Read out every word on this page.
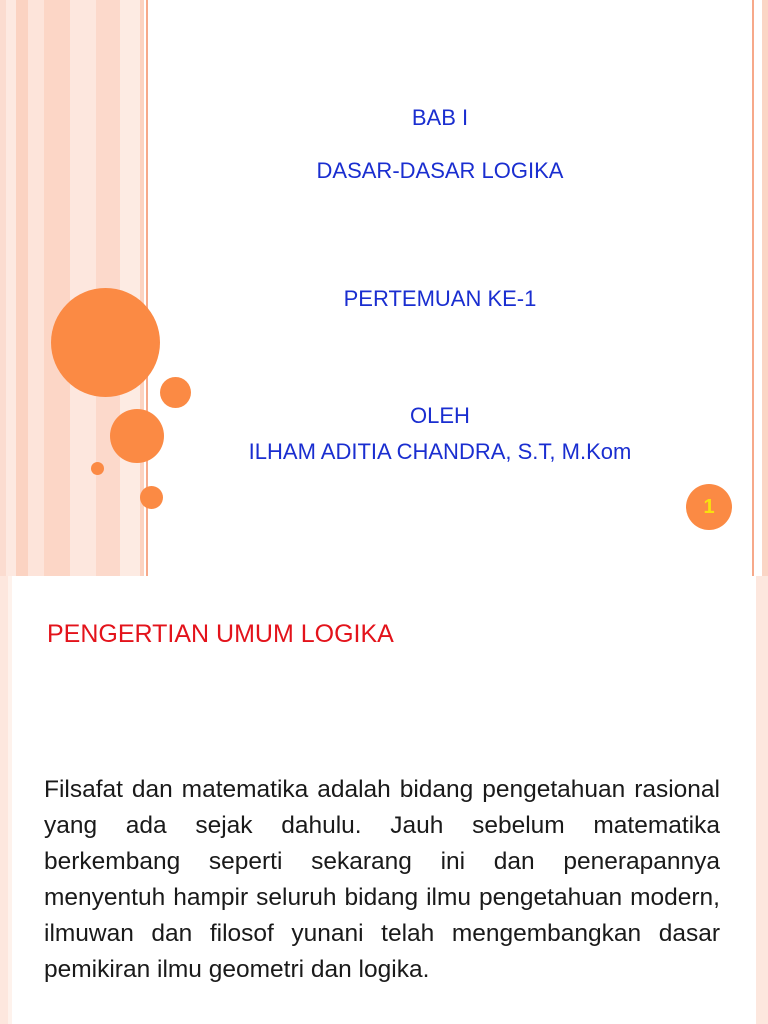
BAB I
DASAR-DASAR LOGIKA
PERTEMUAN KE-1
OLEH
ILHAM ADITIA CHANDRA, S.T, M.Kom
1
PENGERTIAN UMUM LOGIKA
Filsafat dan matematika adalah bidang pengetahuan rasional yang ada sejak dahulu. Jauh sebelum matematika berkembang seperti sekarang ini dan penerapannya menyentuh hampir seluruh bidang ilmu pengetahuan modern, ilmuwan dan filosof yunani telah mengembangkan dasar pemikiran ilmu geometri dan logika.
